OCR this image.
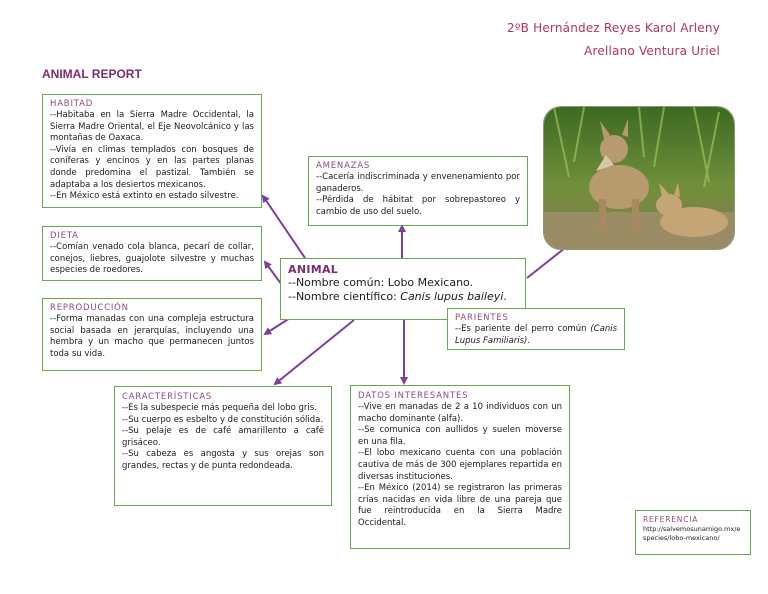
2ºB Hernández Reyes Karol Arleny
Arellano Ventura Uriel
ANIMAL REPORT
HABITAD
--Habitaba en la Sierra Madre Occidental, la Sierra Madre Oriental, el Eje Neovolcánico y las montañas de Oaxaca.
--Vivía en climas templados con bosques de coníferas y encinos y en las partes planas donde predomina el pastizal. También se adaptaba a los desiertos mexicanos.
--En México está extinto en estado silvestre.
DIETA
--Comían venado cola blanca, pecarí de collar, conejos, liebres, guajolote silvestre y muchas especies de roedores.
REPRODUCCIÓN
--Forma manadas con una compleja estructura social basada en jerarquías, incluyendo una hembra y un macho que permanecen juntos toda su vida.
AMENAZAS
--Cacería indiscriminada y envenenamiento por ganaderos.
--Pérdida de hábitat por sobrepastoreo y cambio de uso del suelo.
ANIMAL
--Nombre común: Lobo Mexicano.
--Nombre científico: Canis lupus baileyi.
PARIENTES
--Es pariente del perro común (Canis Lupus Familiaris).
CARACTERÍSTICAS
--Es la subespecie más pequeña del lobo gris.
--Su cuerpo es esbelto y de constitución sólida.
--Su pelaje es de café amarillento a café grisáceo.
--Su cabeza es angosta y sus orejas son grandes, rectas y de punta redondeada.
DATOS INTERESANTES
--Vive en manadas de 2 a 10 individuos con un macho dominante (alfa).
--Se comunica con aullidos y suelen moverse en una fila.
--El lobo mexicano cuenta con una población cautiva de más de 300 ejemplares repartida en diversas instituciones.
--En México (2014) se registraron las primeras crías nacidas en vida libre de una pareja que fue reintroducida en la Sierra Madre Occidental.	REFERENCIA
http://salvemosunamigo.mx/especies/lobo-mexicano/
